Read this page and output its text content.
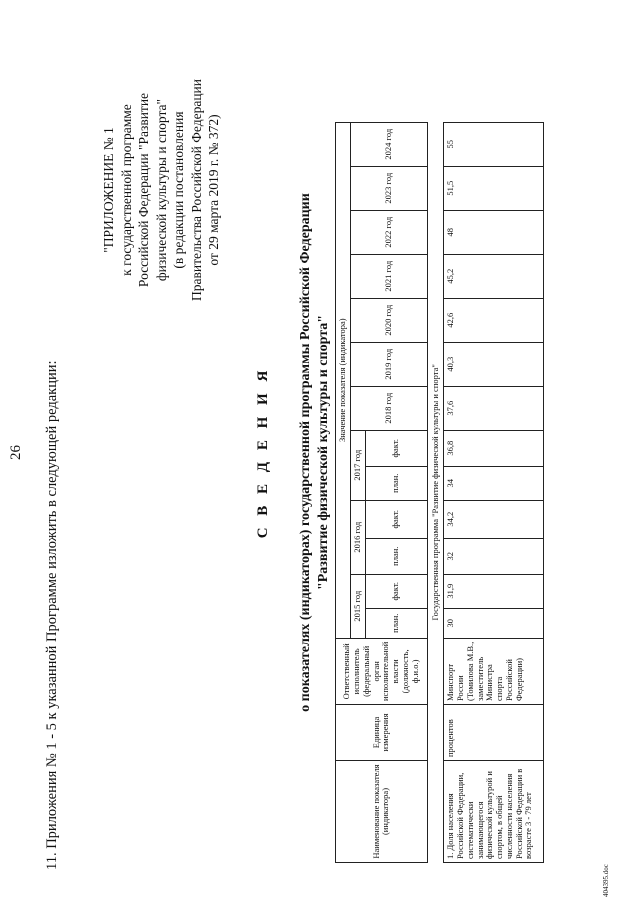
26 11. Приложения № 1 - 5 к указанной Программе изложить в следующей редакции:
"ПРИЛОЖЕНИЕ № 1 к государственной программе Российской Федерации "Развитие физической культуры и спорта" (в редакции постановления Правительства Российской Федерации от 29 марта 2019 г. № 372)
С В Е Д Е Н И Я о показателях (индикаторах) государственной программы Российской Федерации "Развитие физической культуры и спорта"
Наименование показателя (индикатора)	Единица измерения	Ответственный исполнитель (федеральный орган исполнительной власти (должность, ф.и.о.)	Значение показателя (индикатора)												
			2015 год		2016 год		2017 год		2018 год	2019 год	2020 год	2021 год	2022 год	2023 год	2024 год
			план.	факт.	план.	факт.	план.	факт.							
Государственная программа "Развитие физической культуры и спорта"															
1. Доля населения Российской Федерации, систематически занимающегося физической культурой и спортом, в общей численности населения Российской Федерации в возрасте 3 - 79 лет	процентов	Минспорт России (Томилова М.В., заместитель Министра спорта Российской Федерации)	30	31,9	32	34,2	34	36,8	37,6	40,3	42,6	45,2	48	51,5	55
404395.doc
